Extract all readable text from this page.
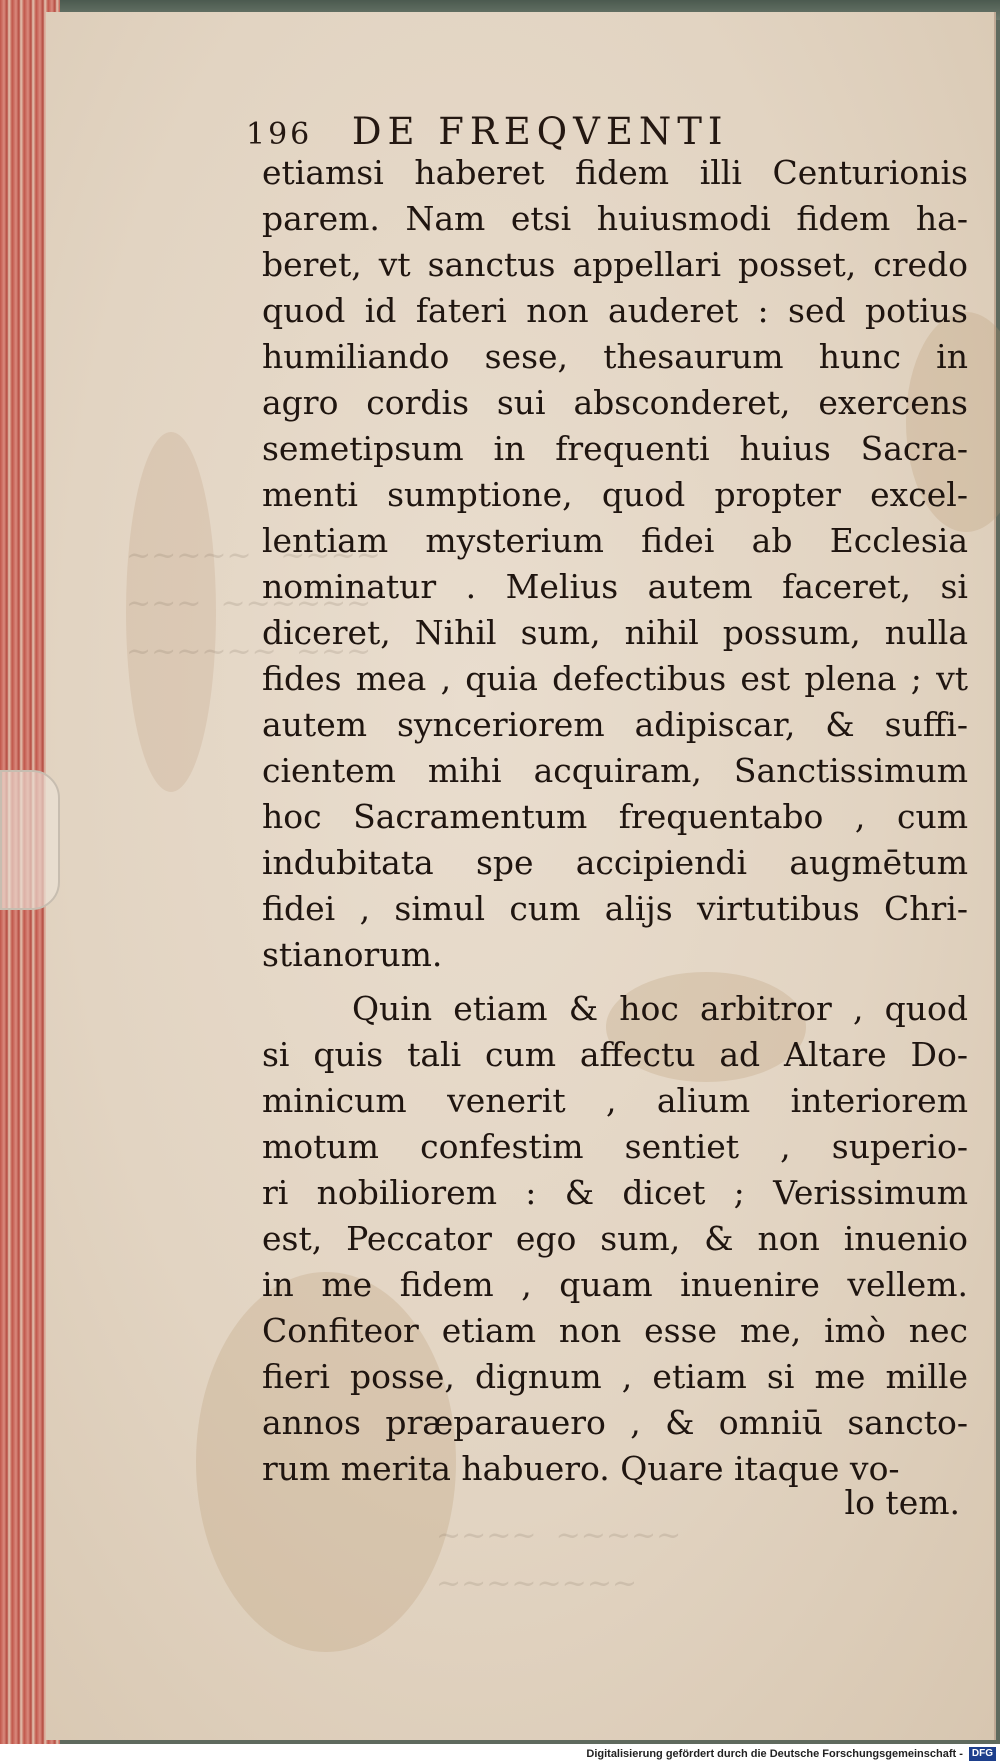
~~~~~   ~~~~
~~~  ~~~~~~
~~~~~~  ~~~
~~~~  ~~~~~
~~~~~~~~
196 DE FREQVENTI
etiamsi haberet fidem illi Centurionis
parem. Nam etsi huiusmodi fidem ha-
beret, vt sanctus appellari posset, credo
quod id fateri non auderet : sed potius
humiliando sese, thesaurum hunc in
agro cordis sui absconderet, exercens
semetipsum in frequenti huius Sacra-
menti sumptione, quod propter excel-
lentiam mysterium fidei ab Ecclesia
nominatur . Melius autem faceret, si
diceret, Nihil sum, nihil possum, nulla
fides mea , quia defectibus est plena ; vt
autem synceriorem adipiscar, & suffi-
cientem mihi acquiram, Sanctissimum
hoc Sacramentum frequentabo , cum
indubitata spe accipiendi augmētum
fidei , simul cum alijs virtutibus Chri-
stianorum.
Quin etiam & hoc arbitror , quod
si quis tali cum affectu ad Altare Do-
minicum venerit , alium interiorem
motum confestim sentiet , superio-
ri nobiliorem : & dicet ; Verissimum
est, Peccator ego sum, & non inuenio
in me fidem , quam inuenire vellem.
Confiteor etiam non esse me, imò nec
fieri posse, dignum , etiam si me mille
annos præparauero , & omniū sancto-
rum merita habuero. Quare itaque vo-
lo tem.
Digitalisierung gefördert durch die Deutsche Forschungsgemeinschaft - DFG
